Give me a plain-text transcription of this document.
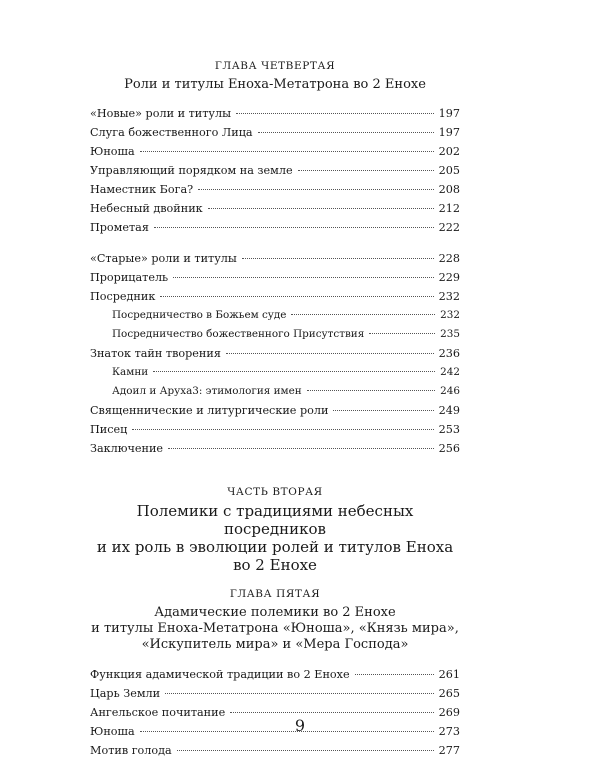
ГЛАВА ЧЕТВЕРТАЯ
Роли и титулы Еноха-Метатрона во 2 Енохе
«Новые» роли и титулы	197
Слуга божественного Лица	197
Юноша	202
Управляющий порядком на земле	205
Наместник Бога?	208
Небесный двойник	212
Прометая	222
«Старые» роли и титулы	228
Прорицатель	229
Посредник	232
Посредничество в Божьем суде	232
Посредничество божественного Присутствия	235
Знаток тайн творения	236
Камни	242
Адоил и Аруха3: этимология имен	246
Священнические и литургические роли	249
Писец	253
Заключение	256
ЧАСТЬ ВТОРАЯ
Полемики с традициями небесных посредников
и их роль в эволюции ролей и титулов Еноха во 2 Енохе
ГЛАВА ПЯТАЯ
Адамические полемики во 2 Енохе
и титулы Еноха-Метатрона «Юноша», «Князь мира»,
«Искупитель мира» и «Мера Господа»
Функция адамической традиции во 2 Енохе	261
Царь Земли	265
Ангельское почитание	269
Юноша	273
Мотив голода	277
9
